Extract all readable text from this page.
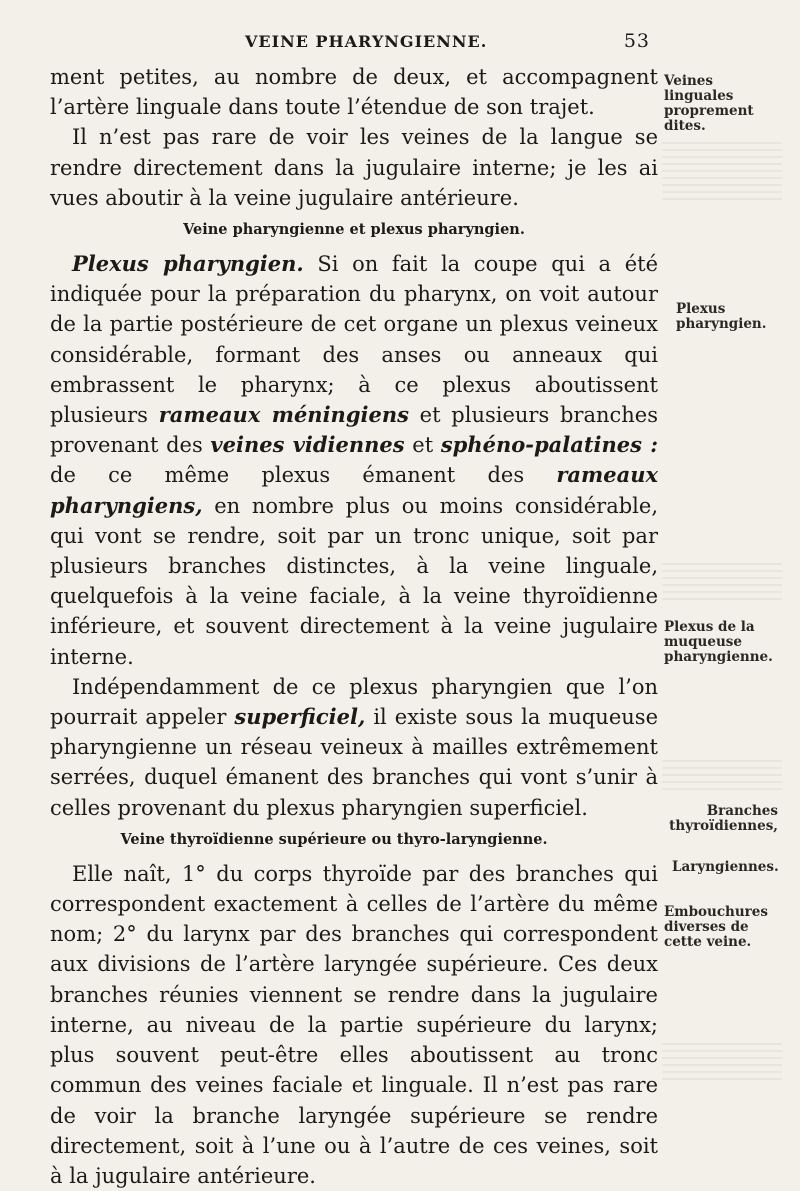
VEINE PHARYNGIENNE.	53

ment petites, au nombre de deux, et accompagnent l’artère linguale dans toute l’étendue de son trajet.

Il n’est pas rare de voir les veines de la langue se rendre directement dans la jugulaire interne; je les ai vues aboutir à la veine jugulaire antérieure.

Veine pharyngienne et plexus pharyngien.

Plexus pharyngien. Si on fait la coupe qui a été indiquée pour la préparation du pharynx, on voit autour de la partie postérieure de cet organe un plexus veineux considérable, formant des anses ou anneaux qui embrassent le pharynx; à ce plexus aboutissent plusieurs rameaux méningiens et plusieurs branches provenant des veines vidiennes et sphéno-palatines : de ce même plexus émanent des rameaux pharyngiens, en nombre plus ou moins considérable, qui vont se rendre, soit par un tronc unique, soit par plusieurs branches distinctes, à la veine linguale, quelquefois à la veine faciale, à la veine thyroïdienne inférieure, et souvent directement à la veine jugulaire interne.

Indépendamment de ce plexus pharyngien que l’on pourrait appeler superficiel, il existe sous la muqueuse pharyngienne un réseau veineux à mailles extrêmement serrées, duquel émanent des branches qui vont s’unir à celles provenant du plexus pharyngien superficiel.

Veine thyroïdienne supérieure ou thyro-laryngienne.

Elle naît, 1° du corps thyroïde par des branches qui correspondent exactement à celles de l’artère du même nom; 2° du larynx par des branches qui correspondent aux divisions de l’artère laryngée supérieure. Ces deux branches réunies viennent se rendre dans la jugulaire interne, au niveau de la partie supérieure du larynx; plus souvent peut-être elles aboutissent au tronc commun des veines faciale et linguale. Il n’est pas rare de voir la branche laryngée supérieure se rendre directement, soit à l’une ou à l’autre de ces veines, soit à la jugulaire antérieure.

Veines linguales proprement dites.
Plexus pharyngien.
Plexus de la muqueuse pharyngienne.
Branches thyroïdiennes,
Laryngiennes.
Embouchures diverses de cette veine.
